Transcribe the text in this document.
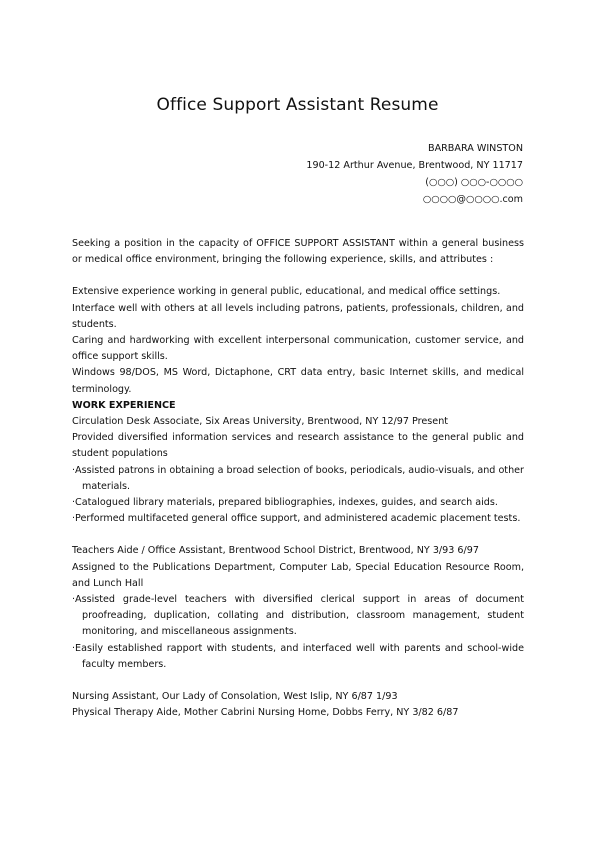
Office Support Assistant Resume
BARBARA WINSTON
190-12 Arthur Avenue, Brentwood, NY 11717
(○○○) ○○○-○○○○
○○○○@○○○○.com

Seeking a position in the capacity of OFFICE SUPPORT ASSISTANT within a general business or medical office environment, bringing the following experience, skills, and attributes :

Extensive experience working in general public, educational, and medical office settings.

Interface well with others at all levels including patrons, patients, professionals, children, and students.

Caring and hardworking with excellent interpersonal communication, customer service, and office support skills.

Windows 98/DOS, MS Word, Dictaphone, CRT data entry, basic Internet skills, and medical terminology.

WORK EXPERIENCE

Circulation Desk Associate, Six Areas University, Brentwood, NY 12/97 Present

Provided diversified information services and research assistance to the general public and student populations

·Assisted patrons in obtaining a broad selection of books, periodicals, audio-visuals, and other materials.

·Catalogued library materials, prepared bibliographies, indexes, guides, and search aids.

·Performed multifaceted general office support, and administered academic placement tests.

Teachers Aide / Office Assistant, Brentwood School District, Brentwood, NY 3/93 6/97

Assigned to the Publications Department, Computer Lab, Special Education Resource Room, and Lunch Hall

·Assisted grade-level teachers with diversified clerical support in areas of document proofreading, duplication, collating and distribution, classroom management, student monitoring, and miscellaneous assignments.

·Easily established rapport with students, and interfaced well with parents and school-wide faculty members.

Nursing Assistant, Our Lady of Consolation, West Islip, NY 6/87 1/93

Physical Therapy Aide, Mother Cabrini Nursing Home, Dobbs Ferry, NY 3/82 6/87
